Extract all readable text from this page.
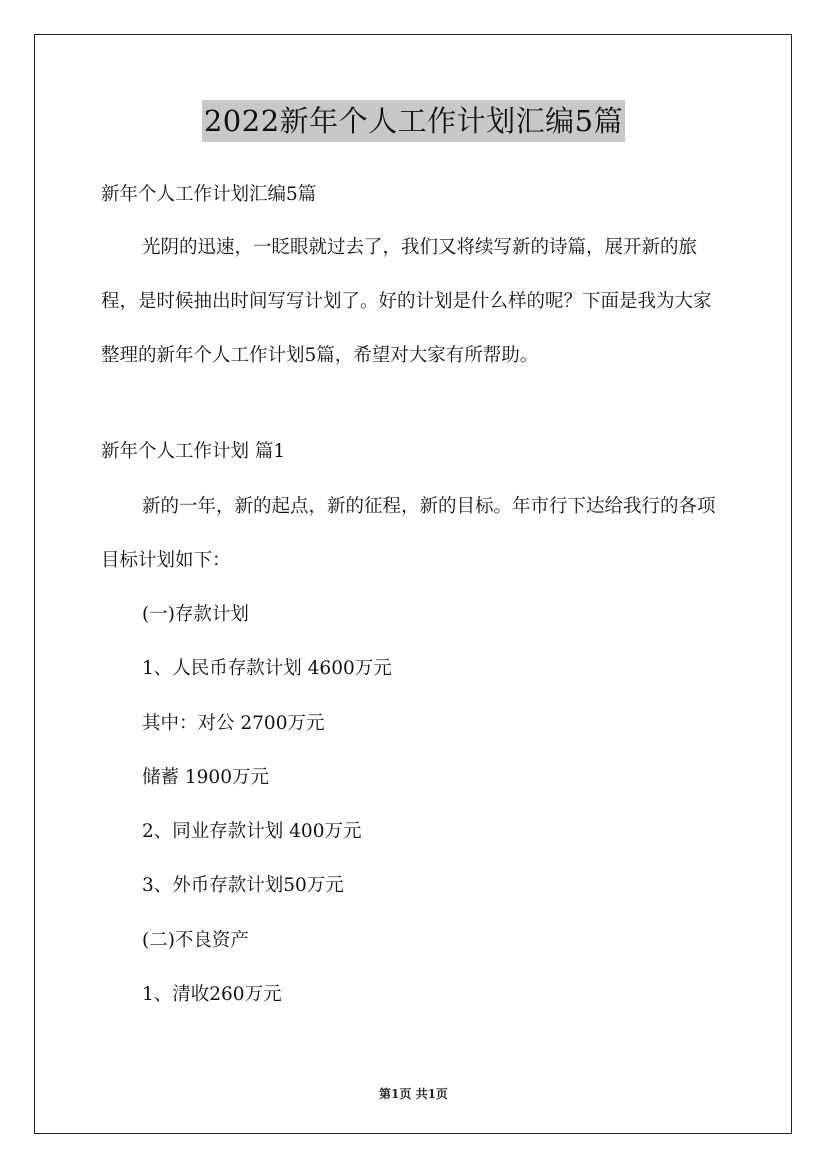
2022新年个人工作计划汇编5篇
新年个人工作计划汇编5篇
光阴的迅速，一眨眼就过去了，我们又将续写新的诗篇，展开新的旅程，是时候抽出时间写写计划了。好的计划是什么样的呢？下面是我为大家整理的新年个人工作计划5篇，希望对大家有所帮助。
新年个人工作计划 篇1
新的一年，新的起点，新的征程，新的目标。年市行下达给我行的各项目标计划如下：
(一)存款计划
1、人民币存款计划 4600万元
其中：对公 2700万元
储蓄 1900万元
2、同业存款计划 400万元
3、外币存款计划50万元
(二)不良资产
1、清收260万元
第1页 共1页
